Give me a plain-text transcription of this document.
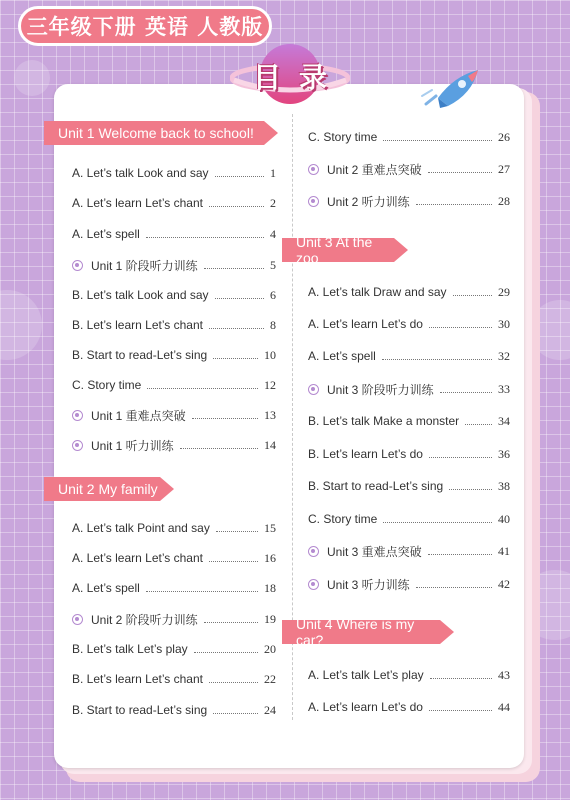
三年级下册 英语 人教版
目 录
Unit 1 Welcome back to school!
A. Let’s talk Look and say	1
A. Let’s learn Let’s chant	2
A. Let’s spell	4
Unit 1 阶段听力训练	5
B. Let’s talk Look and say	6
B. Let’s learn Let’s chant	8
B. Start to read-Let’s sing	10
C. Story time	12
Unit 1 重难点突破	13
Unit 1 听力训练	14
Unit 2 My family
A. Let’s talk Point and say	15
A. Let’s learn Let’s chant	16
A. Let’s spell	18
Unit 2 阶段听力训练	19
B. Let’s talk Let’s play	20
B. Let’s learn Let’s chant	22
B. Start to read-Let’s sing	24
C. Story time	26
Unit 2 重难点突破	27
Unit 2 听力训练	28
Unit 3 At the zoo
A. Let’s talk Draw and say	29
A. Let’s learn Let’s do	30
A. Let’s spell	32
Unit 3 阶段听力训练	33
B. Let’s talk Make a monster	34
B. Let’s learn Let’s do	36
B. Start to read-Let’s sing	38
C. Story time	40
Unit 3 重难点突破	41
Unit 3 听力训练	42
Unit 4 Where is my car?
A. Let’s talk Let’s play	43
A. Let’s learn Let’s do	44
